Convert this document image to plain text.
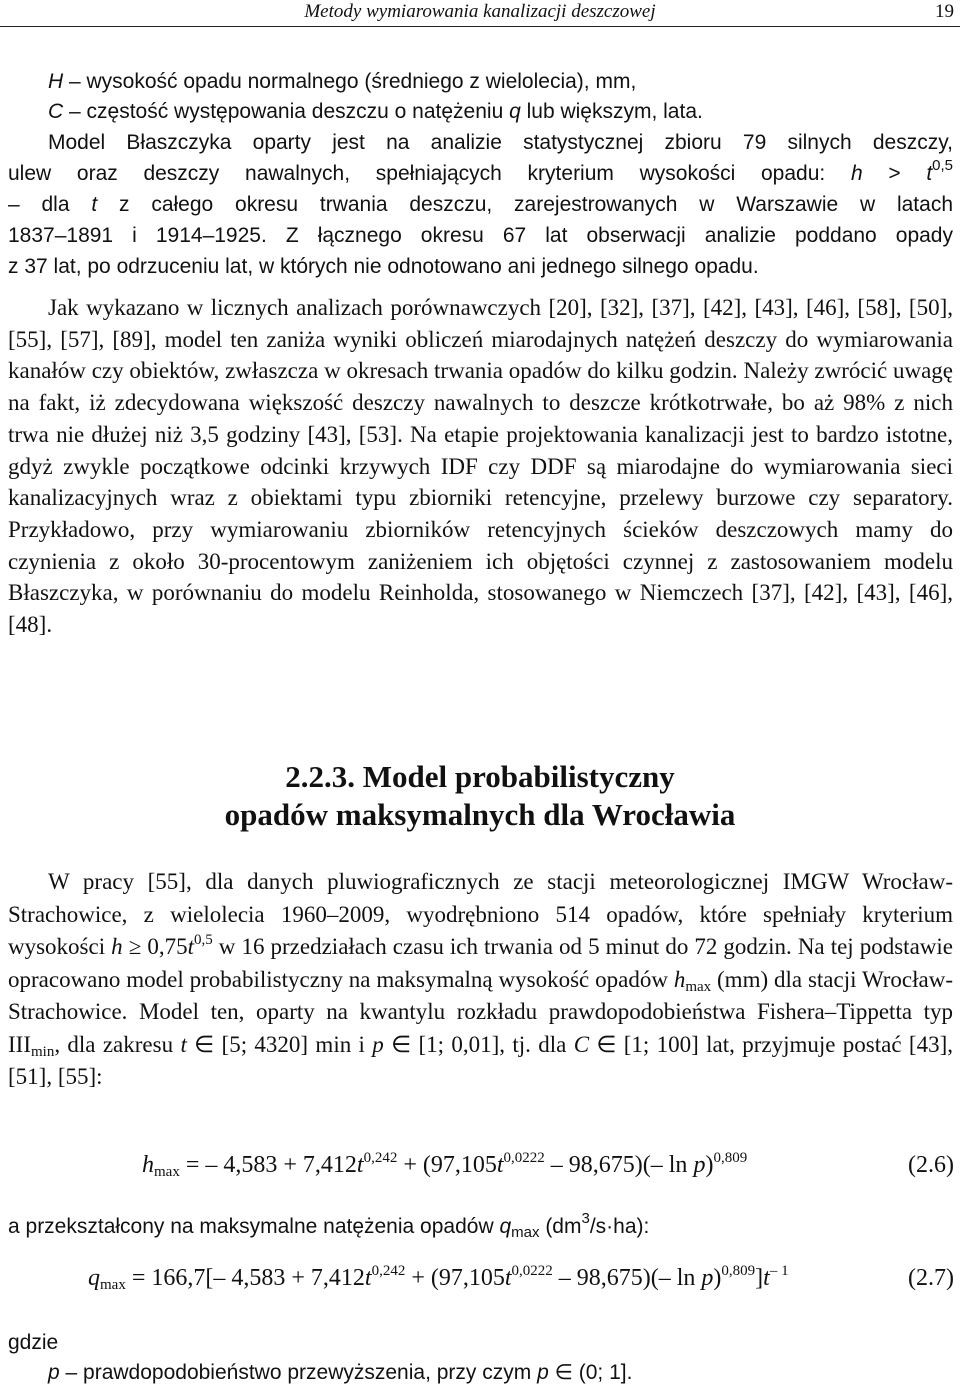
Metody wymiarowania kanalizacji deszczowej	19
H – wysokość opadu normalnego (średniego z wielolecia), mm,
C – częstość występowania deszczu o natężeniu q lub większym, lata.
Model Błaszczyka oparty jest na analizie statystycznej zbioru 79 silnych deszczy,
ulew oraz deszczy nawalnych, spełniających kryterium wysokości opadu: $h > t^{0,5}$
– dla t z całego okresu trwania deszczu, zarejestrowanych w Warszawie w latach
1837–1891 i 1914–1925. Z łącznego okresu 67 lat obserwacji analizie poddano opady
z 37 lat, po odrzuceniu lat, w których nie odnotowano ani jednego silnego opadu.
Jak wykazano w licznych analizach porównawczych [20], [32], [37], [42], [43], [46], [58], [50], [55], [57], [89], model ten zaniża wyniki obliczeń miarodajnych natężeń deszczy do wymiarowania kanałów czy obiektów, zwłaszcza w okresach trwania opadów do kilku godzin. Należy zwrócić uwagę na fakt, iż zdecydowana większość deszczy nawalnych to deszcze krótkotrwałe, bo aż 98% z nich trwa nie dłużej niż 3,5 godziny [43], [53]. Na etapie projektowania kanalizacji jest to bardzo istotne, gdyż zwykle początkowe odcinki krzywych IDF czy DDF są miarodajne do wymiarowania sieci kanalizacyjnych wraz z obiektami typu zbiorniki retencyjne, przelewy burzowe czy separatory. Przykładowo, przy wymiarowaniu zbiorników retencyjnych ścieków deszczowych mamy do czynienia z około 30-procentowym zaniżeniem ich objętości czynnej z zastosowaniem modelu Błaszczyka, w porównaniu do modelu Reinholda, stosowanego w Niemczech [37], [42], [43], [46], [48].
2.2.3. Model probabilistyczny
opadów maksymalnych dla Wrocławia
W pracy [55], dla danych pluwiograficznych ze stacji meteorologicznej IMGW Wrocław-Strachowice, z wielolecia 1960–2009, wyodrębniono 514 opadów, które spełniały kryterium wysokości $h \ge 0,75t^{0,5}$ w 16 przedziałach czasu ich trwania od 5 minut do 72 godzin. Na tej podstawie opracowano model probabilistyczny na maksymalną wysokość opadów $h_{max}$ (mm) dla stacji Wrocław-Strachowice. Model ten, oparty na kwantylu rozkładu prawdopodobieństwa Fishera–Tippetta typ $III_{min}$, dla zakresu t ∈ [5; 4320] min i p ∈ [1; 0,01], tj. dla C ∈ [1; 100] lat, przyjmuje postać [43], [51], [55]:
$h_{max}$ = – $4,583 + 7,412t^{0,242} + (97,105t^{0,0222} - 98,675)(-$ ln p)$^{0,809}$	(2.6)
a przekształcony na maksymalne natężenia opadów $q_{max}$ $(dm^3/s\cdot ha)$:
$q_{max} = 166,7[-$ $4,583 + 7,412t^{0,242} + (97,105t^{0,0222} - 98,675)(-$ $\ln p)^{0,809}]t^{- 1}$	(2.7)
gdzie
p – prawdopodobieństwo przewyższenia, przy czym p ∈ (0; 1].
